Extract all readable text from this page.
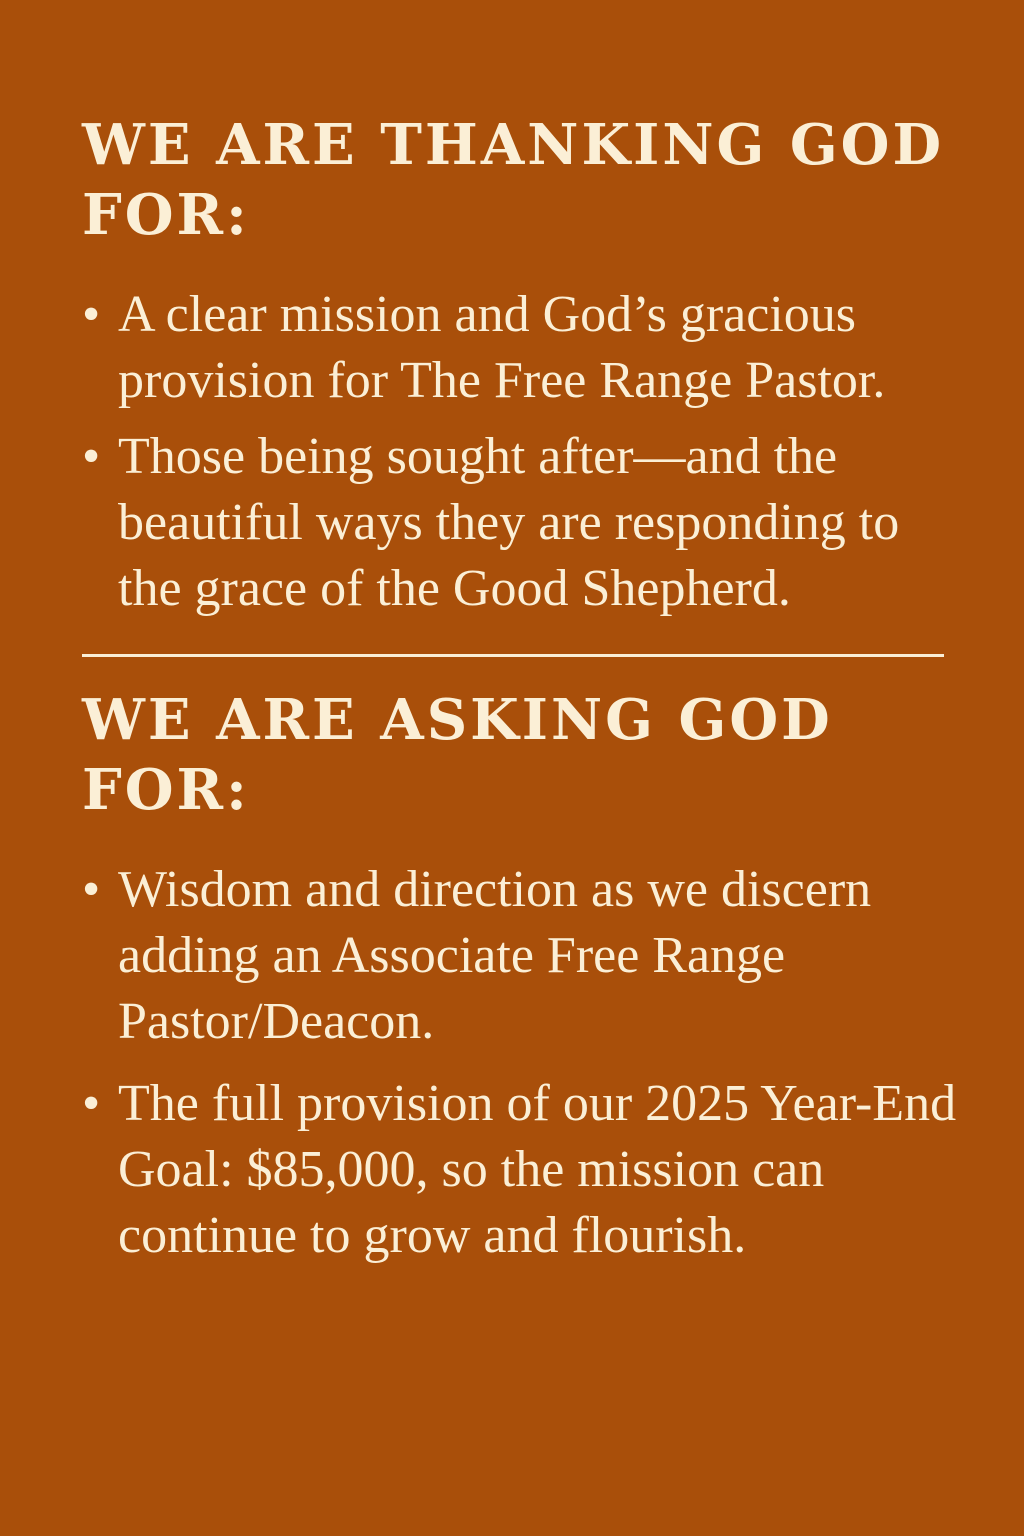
WE ARE THANKING GOD FOR:
• A clear mission and God’s gracious provision for The Free Range Pastor.
• Those being sought after—and the beautiful ways they are responding to the grace of the Good Shepherd.
WE ARE ASKING GOD FOR:
• Wisdom and direction as we discern adding an Associate Free Range Pastor/Deacon.
• The full provision of our 2025 Year-End Goal: $85,000, so the mission can continue to grow and flourish.
